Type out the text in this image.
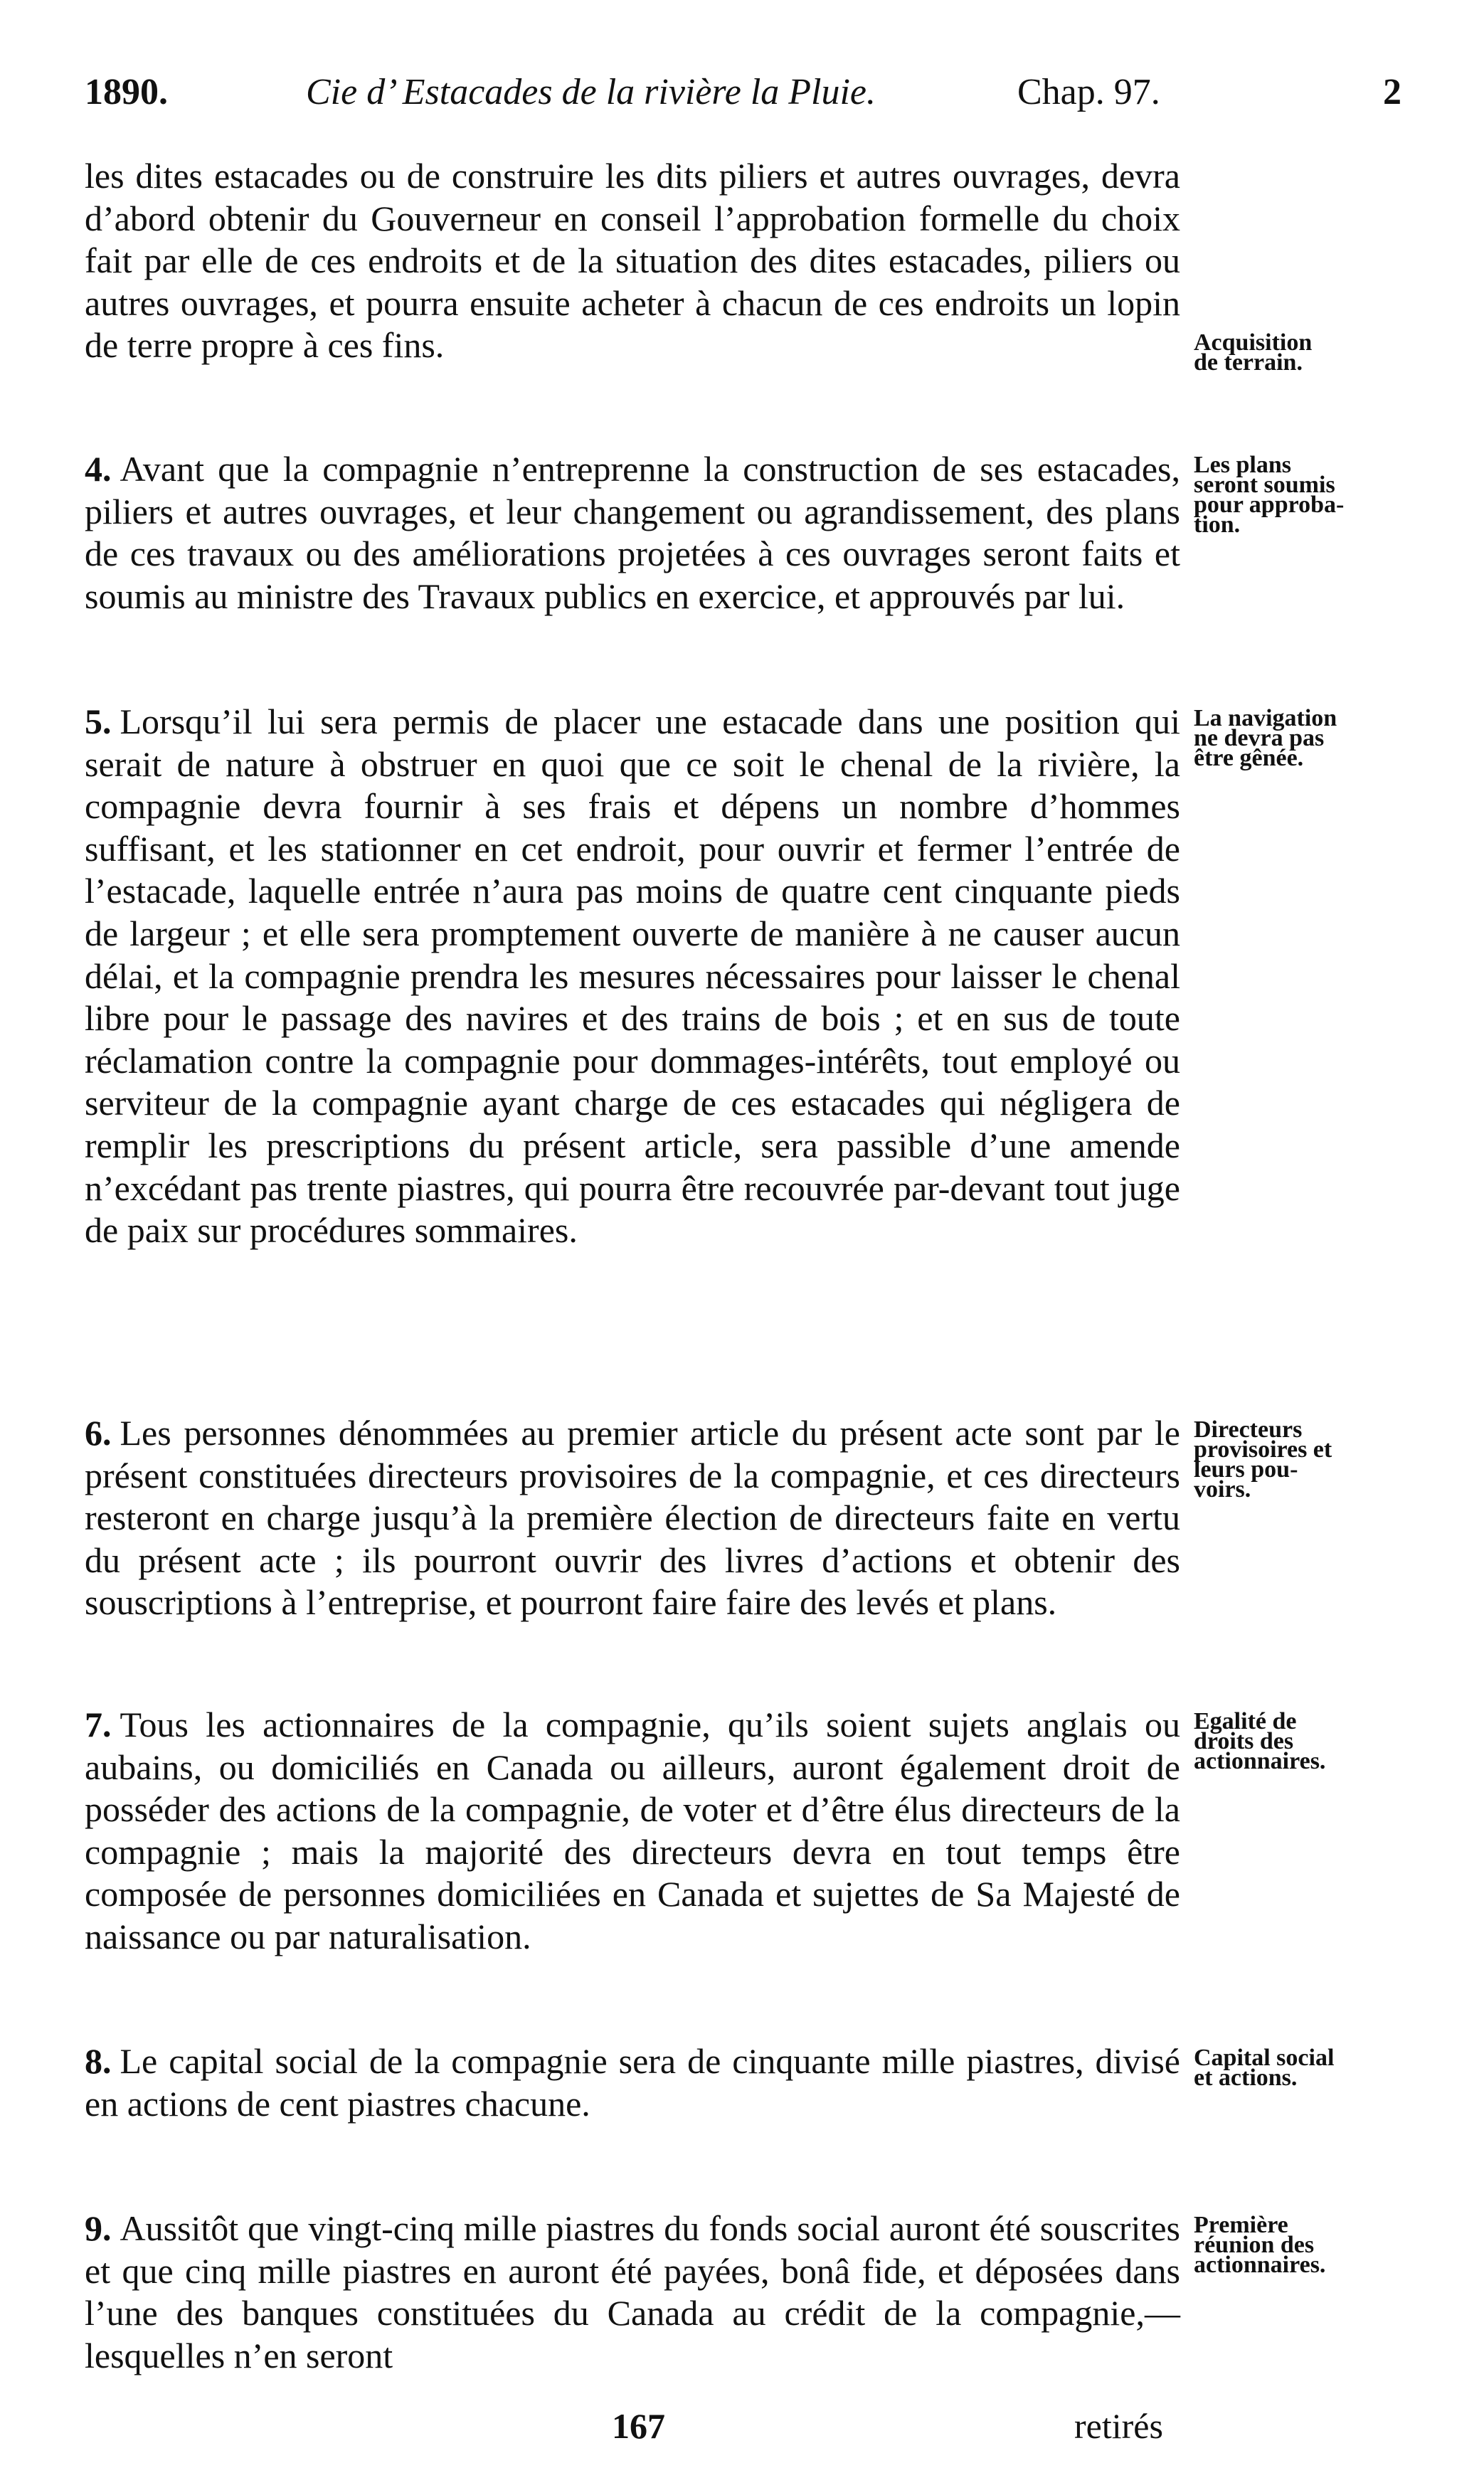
1890.	Cie d’ Estacades de la rivière la Pluie.	Chap. 97.	2
les dites estacades ou de construire les dits piliers et autres ouvrages, devra d’abord obtenir du Gouverneur en conseil l’approbation formelle du choix fait par elle de ces endroits et de la situation des dites estacades, piliers ou autres ouvrages, et pourra ensuite acheter à chacun de ces endroits un lopin de terre propre à ces fins.	Acquisition
de terrain.
4. Avant que la compagnie n’entreprenne la construction de ses estacades, piliers et autres ouvrages, et leur changement ou agrandissement, des plans de ces travaux ou des améliorations projetées à ces ouvrages seront faits et soumis au ministre des Travaux publics en exercice, et approuvés par lui.
Les plans
seront soumis
pour approba-
tion.
5. Lorsqu’il lui sera permis de placer une estacade dans une position qui serait de nature à obstruer en quoi que ce soit le chenal de la rivière, la compagnie devra fournir à ses frais et dépens un nombre d’hommes suffisant, et les stationner en cet endroit, pour ouvrir et fermer l’entrée de l’estacade, laquelle entrée n’aura pas moins de quatre cent cinquante pieds de largeur ; et elle sera promptement ouverte de manière à ne causer aucun délai, et la compagnie prendra les mesures nécessaires pour laisser le chenal libre pour le passage des navires et des trains de bois ; et en sus de toute réclamation contre la compagnie pour dommages-intérêts, tout employé ou serviteur de la compagnie ayant charge de ces estacades qui négligera de remplir les prescriptions du présent article, sera passible d’une amende n’excédant pas trente piastres, qui pourra être recouvrée par-devant tout juge de paix sur procédures sommaires.
La navigation
ne devra pas
être gênée.
6. Les personnes dénommées au premier article du présent acte sont par le présent constituées directeurs provisoires de la compagnie, et ces directeurs resteront en charge jusqu’à la première élection de directeurs faite en vertu du présent acte ; ils pourront ouvrir des livres d’actions et obtenir des souscriptions à l’entreprise, et pourront faire faire des levés et plans.
Directeurs
provisoires et
leurs pou-
voirs.
7. Tous les actionnaires de la compagnie, qu’ils soient sujets anglais ou aubains, ou domiciliés en Canada ou ailleurs, auront également droit de posséder des actions de la compagnie, de voter et d’être élus directeurs de la compagnie ; mais la majorité des directeurs devra en tout temps être composée de personnes domiciliées en Canada et sujettes de Sa Majesté de naissance ou par naturalisation.
Egalité de
droits des
actionnaires.
8. Le capital social de la compagnie sera de cinquante mille piastres, divisé en actions de cent piastres chacune.
Capital social
et actions.
9. Aussitôt que vingt-cinq mille piastres du fonds social auront été souscrites et que cinq mille piastres en auront été payées, bonâ fide, et déposées dans l’une des banques constituées du Canada au crédit de la compagnie,—lesquelles n’en seront
Première
réunion des
actionnaires.
167	retirés
